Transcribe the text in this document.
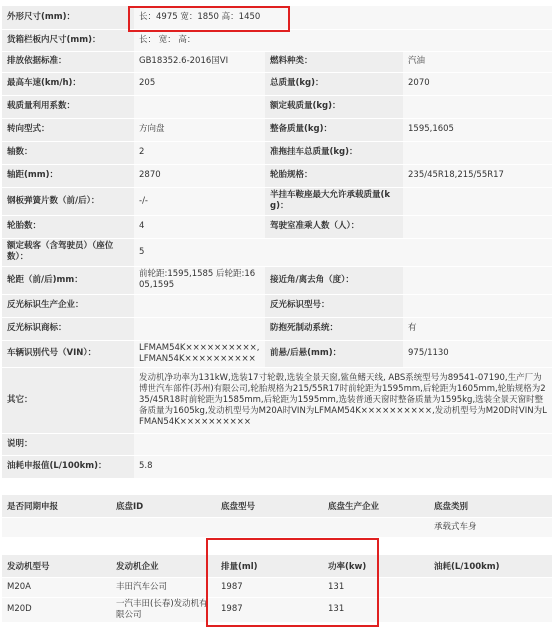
外形尺寸(mm)：	长：4975 宽：1850 高：1450		
货箱栏板内尺寸(mm)：	长： 宽： 高：		
排放依据标准：	GB18352.6-2016国VI	燃料种类：	汽油
最高车速(km/h)：	205	总质量(kg)：	2070
载质量利用系数：		额定载质量(kg)：	
转向型式：	方向盘	整备质量(kg)：	1595,1605
轴数：	2	准拖挂车总质量(kg)：	
轴距(mm)：	2870	轮胎规格：	235/45R18,215/55R17
钢板弹簧片数（前/后）：	-/-	半挂车鞍座最大允许承载质量(kg)：	
轮胎数：	4	驾驶室准乘人数（人）：	
额定载客（含驾驶员）（座位数）：	5		
轮距（前/后)mm：	前轮距:1595,1585 后轮距:1605,1595	接近角/离去角（度）：	
反光标识生产企业：		反光标识型号：	
反光标识商标：		防抱死制动系统：	有
车辆识别代号（VIN）：	LFMAM54K××××××××××,LFMAN54K××××××××××	前悬/后悬(mm)：	975/1130
其它：	发动机净功率为131kW,选装17寸轮毂,选装全景天窗,鲨鱼鳍天线, ABS系统型号为89541-07190,生产厂为博世汽车部件(苏州)有限公司,轮胎规格为215/55R17时前轮距为1595mm,后轮距为1605mm,轮胎规格为235/45R18时前轮距为1585mm,后轮距为1595mm,选装普通天窗时整备质量为1595kg,选装全景天窗时整备质量为1605kg,发动机型号为M20A时VIN为LFMAM54K××××××××××,发动机型号为M20D时VIN为LFMAN54K××××××××××		
说明：			
油耗申报值(L/100km)：	5.8		
是否同期申报	底盘ID	底盘型号	底盘生产企业	底盘类别
				承载式车身
发动机型号	发动机企业	排量(ml)	功率(kw)	油耗(L/100km)
M20A	丰田汽车公司	1987	131	
M20D	一汽丰田(长春)发动机有限公司	1987	131	
